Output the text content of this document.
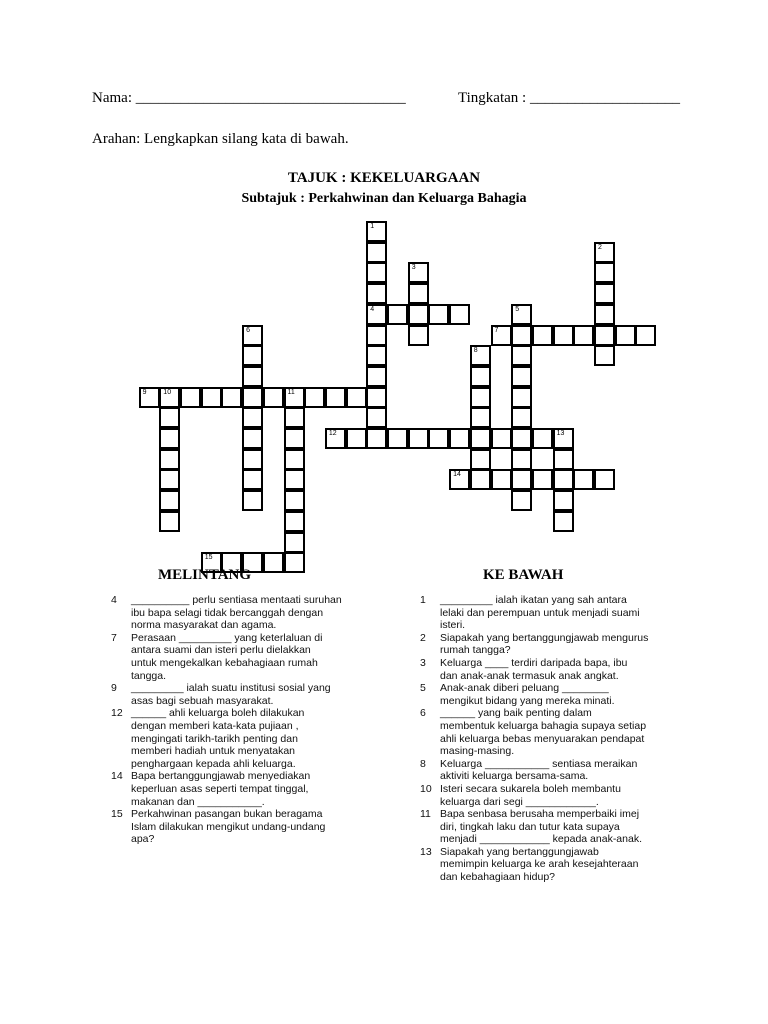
Nama: ____________________________________	Tingkatan : ____________________
Arahan: Lengkapkan silang kata di bawah.
TAJUK : KEKELUARGAAN
Subtajuk : Perkahwinan dan Keluarga Bahagia
1
4
2
3
5
6	7
8
9 10	11
12	13
14
15
MELINTANG	KE BAWAH
4 __________ perlu sentiasa mentaati suruhan
ibu bapa selagi tidak bercanggah dengan
norma masyarakat dan agama.
7 Perasaan _________ yang keterlaluan di
antara suami dan isteri perlu dielakkan
untuk mengekalkan kebahagiaan rumah
tangga.
9 _________ ialah suatu institusi sosial yang
asas bagi sebuah masyarakat.
12 ______ ahli keluarga boleh dilakukan
dengan memberi kata-kata pujiaan ,
mengingati tarikh-tarikh penting dan
memberi hadiah untuk menyatakan
penghargaan kepada ahli keluarga.
14 Bapa bertanggungjawab menyediakan
keperluan asas seperti tempat tinggal,
makanan dan ___________.
15 Perkahwinan pasangan bukan beragama
Islam dilakukan mengikut undang-undang
apa?
1 _________ ialah ikatan yang sah antara
lelaki dan perempuan untuk menjadi suami
isteri.
2 Siapakah yang bertanggungjawab mengurus
rumah tangga?
3 Keluarga ____ terdiri daripada bapa, ibu
dan anak-anak termasuk anak angkat.
5 Anak-anak diberi peluang ________
mengikut bidang yang mereka minati.
6 ______ yang baik penting dalam
membentuk keluarga bahagia supaya setiap
ahli keluarga bebas menyuarakan pendapat
masing-masing.
8 Keluarga ___________ sentiasa meraikan
aktiviti keluarga bersama-sama.
10 Isteri secara sukarela boleh membantu
keluarga dari segi ____________.
11 Bapa senbasa berusaha memperbaiki imej
diri, tingkah laku dan tutur kata supaya
menjadi ____________ kepada anak-anak.
13 Siapakah yang bertanggungjawab
memimpin keluarga ke arah kesejahteraan
dan kebahagiaan hidup?
